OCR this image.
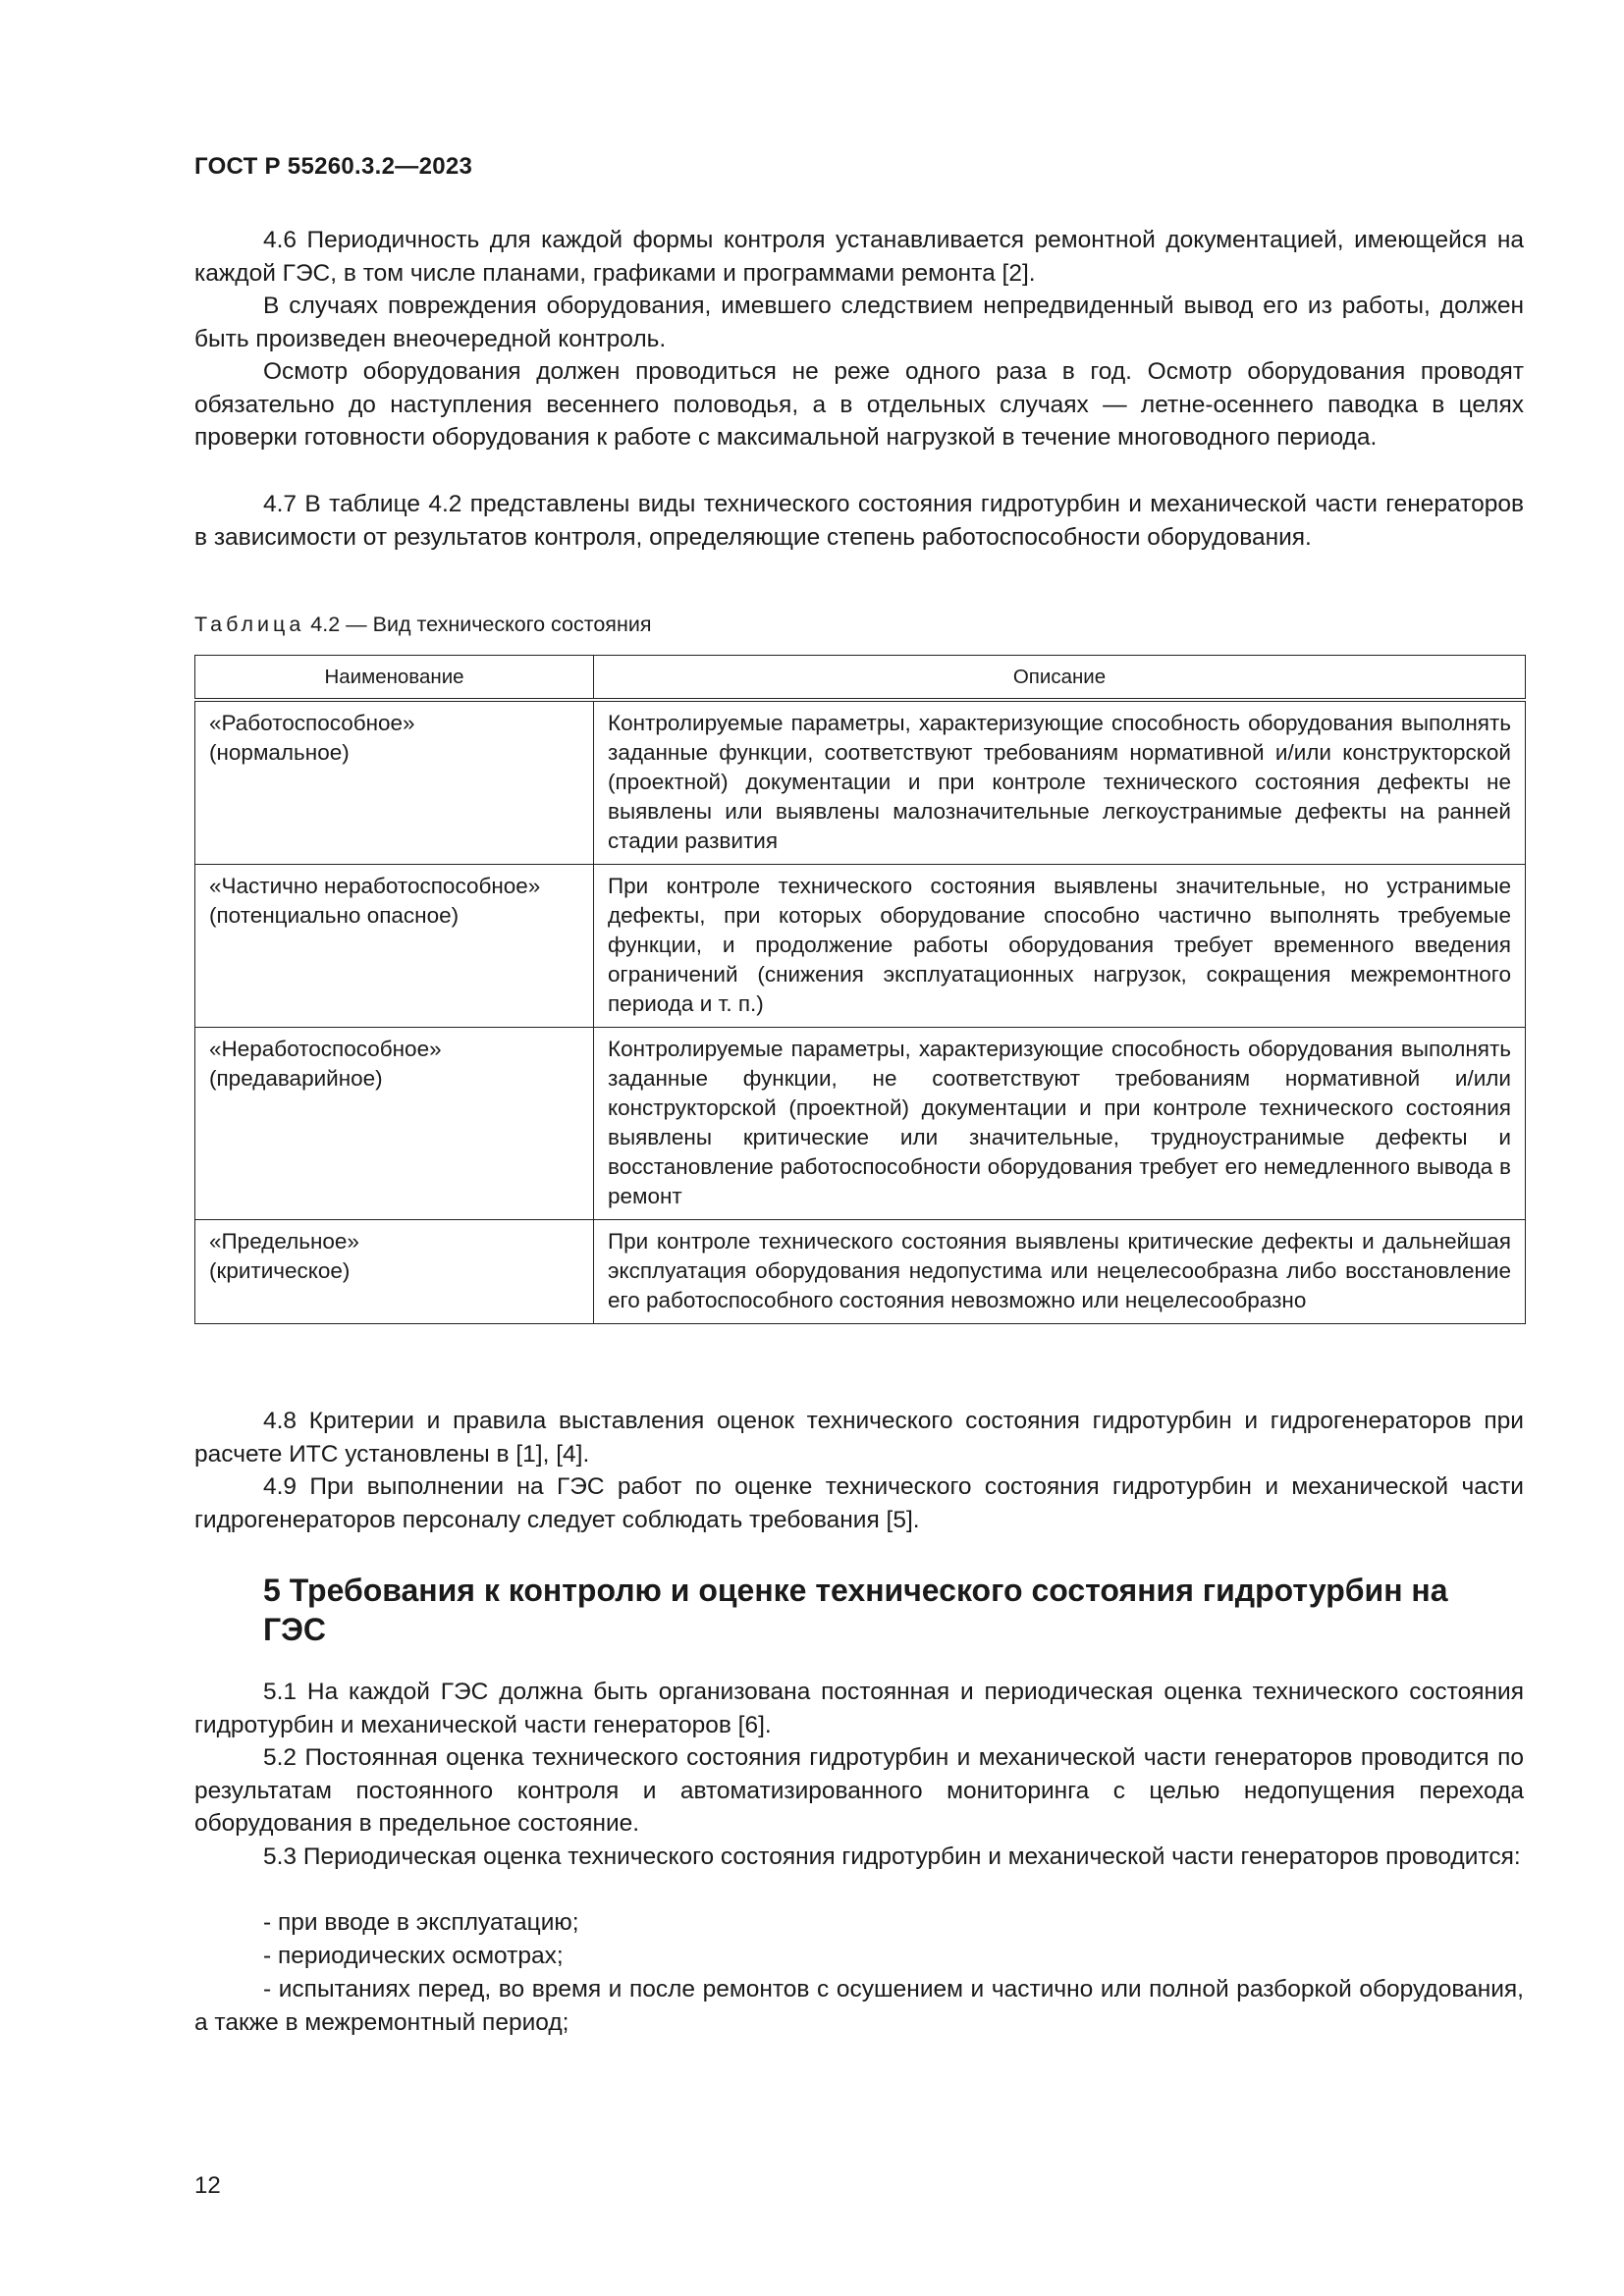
ГОСТ Р 55260.3.2—2023

4.6 Периодичность для каждой формы контроля устанавливается ремонтной документацией, имеющейся на каждой ГЭС, в том числе планами, графиками и программами ремонта [2].

В случаях повреждения оборудования, имевшего следствием непредвиденный вывод его из работы, должен быть произведен внеочередной контроль.

Осмотр оборудования должен проводиться не реже одного раза в год. Осмотр оборудования проводят обязательно до наступления весеннего половодья, а в отдельных случаях — летне-осеннего паводка в целях проверки готовности оборудования к работе с максимальной нагрузкой в течение многоводного периода.

4.7 В таблице 4.2 представлены виды технического состояния гидротурбин и механической части генераторов в зависимости от результатов контроля, определяющие степень работоспособности оборудования.

Таблица 4.2 — Вид технического состояния
Наименование	Описание

«Работоспособное»
(нормальное)	Контролируемые параметры, характеризующие способность оборудования выполнять заданные функции, соответствуют требованиям нормативной и/или конструкторской (проектной) документации и при контроле технического состояния дефекты не выявлены или выявлены малозначительные легкоустранимые дефекты на ранней стадии развития

«Частично неработоспособное»
(потенциально опасное)	При контроле технического состояния выявлены значительные, но устранимые дефекты, при которых оборудование способно частично выполнять требуемые функции, и продолжение работы оборудования требует временного введения ограничений (снижения эксплуатационных нагрузок, сокращения межремонтного периода и т. п.)

«Неработоспособное»
(предаварийное)	Контролируемые параметры, характеризующие способность оборудования выполнять заданные функции, не соответствуют требованиям нормативной и/или конструкторской (проектной) документации и при контроле технического состояния выявлены критические или значительные, трудноустранимые дефекты и восстановление работоспособности оборудования требует его немедленного вывода в ремонт

«Предельное»
(критическое)	При контроле технического состояния выявлены критические дефекты и дальнейшая эксплуатация оборудования недопустима или нецелесообразна либо восстановление его работоспособного состояния невозможно или нецелесообразно

4.8 Критерии и правила выставления оценок технического состояния гидротурбин и гидрогенераторов при расчете ИТС установлены в [1], [4].

4.9 При выполнении на ГЭС работ по оценке технического состояния гидротурбин и механической части гидрогенераторов персоналу следует соблюдать требования [5].

5 Требования к контролю и оценке технического состояния гидротурбин на ГЭС

5.1 На каждой ГЭС должна быть организована постоянная и периодическая оценка технического состояния гидротурбин и механической части генераторов [6].

5.2 Постоянная оценка технического состояния гидротурбин и механической части генераторов проводится по результатам постоянного контроля и автоматизированного мониторинга с целью недопущения перехода оборудования в предельное состояние.

5.3 Периодическая оценка технического состояния гидротурбин и механической части генераторов проводится:

- при вводе в эксплуатацию;

- периодических осмотрах;

- испытаниях перед, во время и после ремонтов с осушением и частично или полной разборкой оборудования, а также в межремонтный период;

12
